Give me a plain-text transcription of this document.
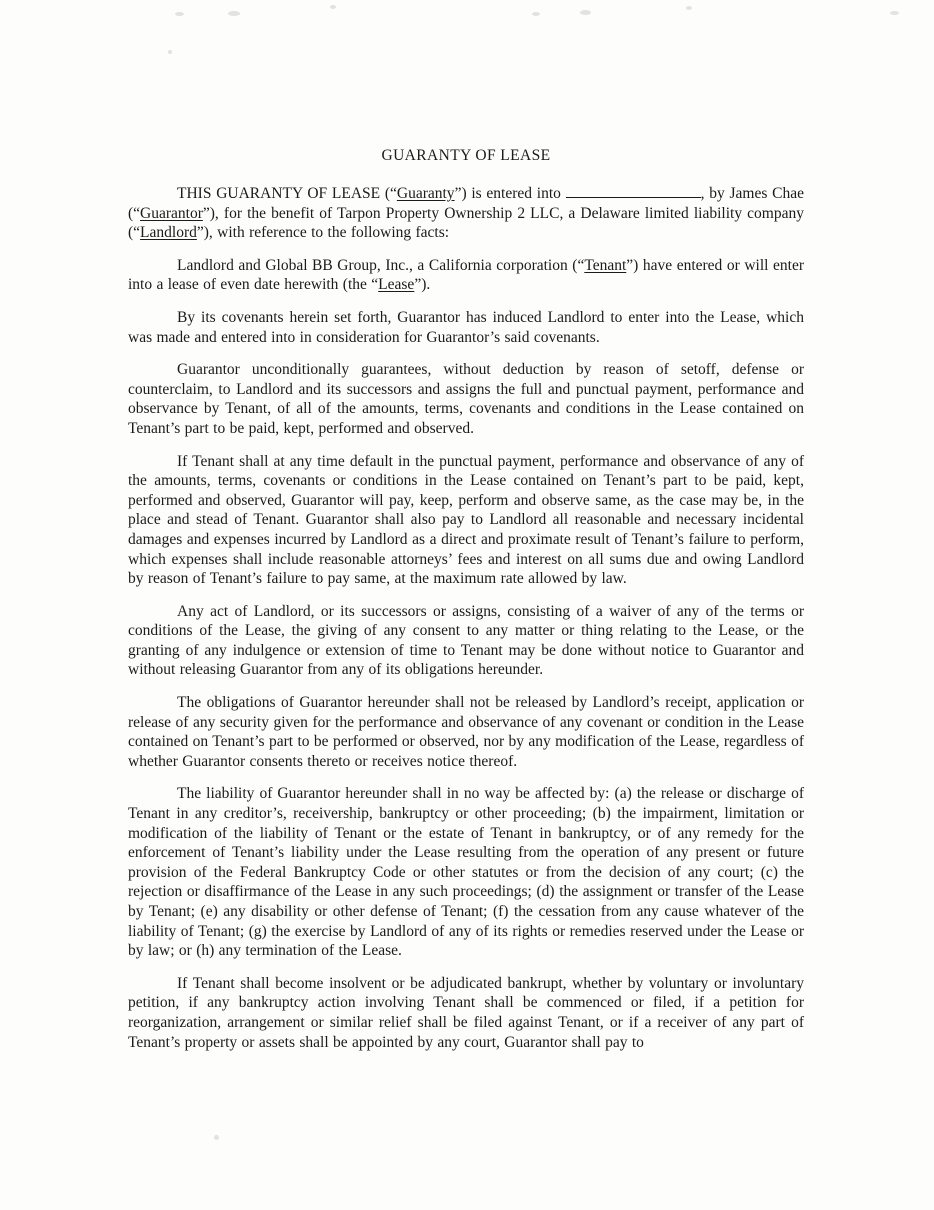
GUARANTY OF LEASE

THIS GUARANTY OF LEASE (“Guaranty”) is entered into	, by James Chae (“Guarantor”), for the benefit of Tarpon Property Ownership 2 LLC, a Delaware limited liability company (“Landlord”), with reference to the following facts:

Landlord and Global BB Group, Inc., a California corporation (“Tenant”) have entered or will enter into a lease of even date herewith (the “Lease”).

By its covenants herein set forth, Guarantor has induced Landlord to enter into the Lease, which was made and entered into in consideration for Guarantor’s said covenants.

Guarantor unconditionally guarantees, without deduction by reason of setoff, defense or counterclaim, to Landlord and its successors and assigns the full and punctual payment, performance and observance by Tenant, of all of the amounts, terms, covenants and conditions in the Lease contained on Tenant’s part to be paid, kept, performed and observed.

If Tenant shall at any time default in the punctual payment, performance and observance of any of the amounts, terms, covenants or conditions in the Lease contained on Tenant’s part to be paid, kept, performed and observed, Guarantor will pay, keep, perform and observe same, as the case may be, in the place and stead of Tenant. Guarantor shall also pay to Landlord all reasonable and necessary incidental damages and expenses incurred by Landlord as a direct and proximate result of Tenant’s failure to perform, which expenses shall include reasonable attorneys’ fees and interest on all sums due and owing Landlord by reason of Tenant’s failure to pay same, at the maximum rate allowed by law.

Any act of Landlord, or its successors or assigns, consisting of a waiver of any of the terms or conditions of the Lease, the giving of any consent to any matter or thing relating to the Lease, or the granting of any indulgence or extension of time to Tenant may be done without notice to Guarantor and without releasing Guarantor from any of its obligations hereunder.

The obligations of Guarantor hereunder shall not be released by Landlord’s receipt, application or release of any security given for the performance and observance of any covenant or condition in the Lease contained on Tenant’s part to be performed or observed, nor by any modification of the Lease, regardless of whether Guarantor consents thereto or receives notice thereof.

The liability of Guarantor hereunder shall in no way be affected by: (a) the release or discharge of Tenant in any creditor’s, receivership, bankruptcy or other proceeding; (b) the impairment, limitation or modification of the liability of Tenant or the estate of Tenant in bankruptcy, or of any remedy for the enforcement of Tenant’s liability under the Lease resulting from the operation of any present or future provision of the Federal Bankruptcy Code or other statutes or from the decision of any court; (c) the rejection or disaffirmance of the Lease in any such proceedings; (d) the assignment or transfer of the Lease by Tenant; (e) any disability or other defense of Tenant; (f) the cessation from any cause whatever of the liability of Tenant; (g) the exercise by Landlord of any of its rights or remedies reserved under the Lease or by law; or (h) any termination of the Lease.

If Tenant shall become insolvent or be adjudicated bankrupt, whether by voluntary or involuntary petition, if any bankruptcy action involving Tenant shall be commenced or filed, if a petition for reorganization, arrangement or similar relief shall be filed against Tenant, or if a receiver of any part of Tenant’s property or assets shall be appointed by any court, Guarantor shall pay to
